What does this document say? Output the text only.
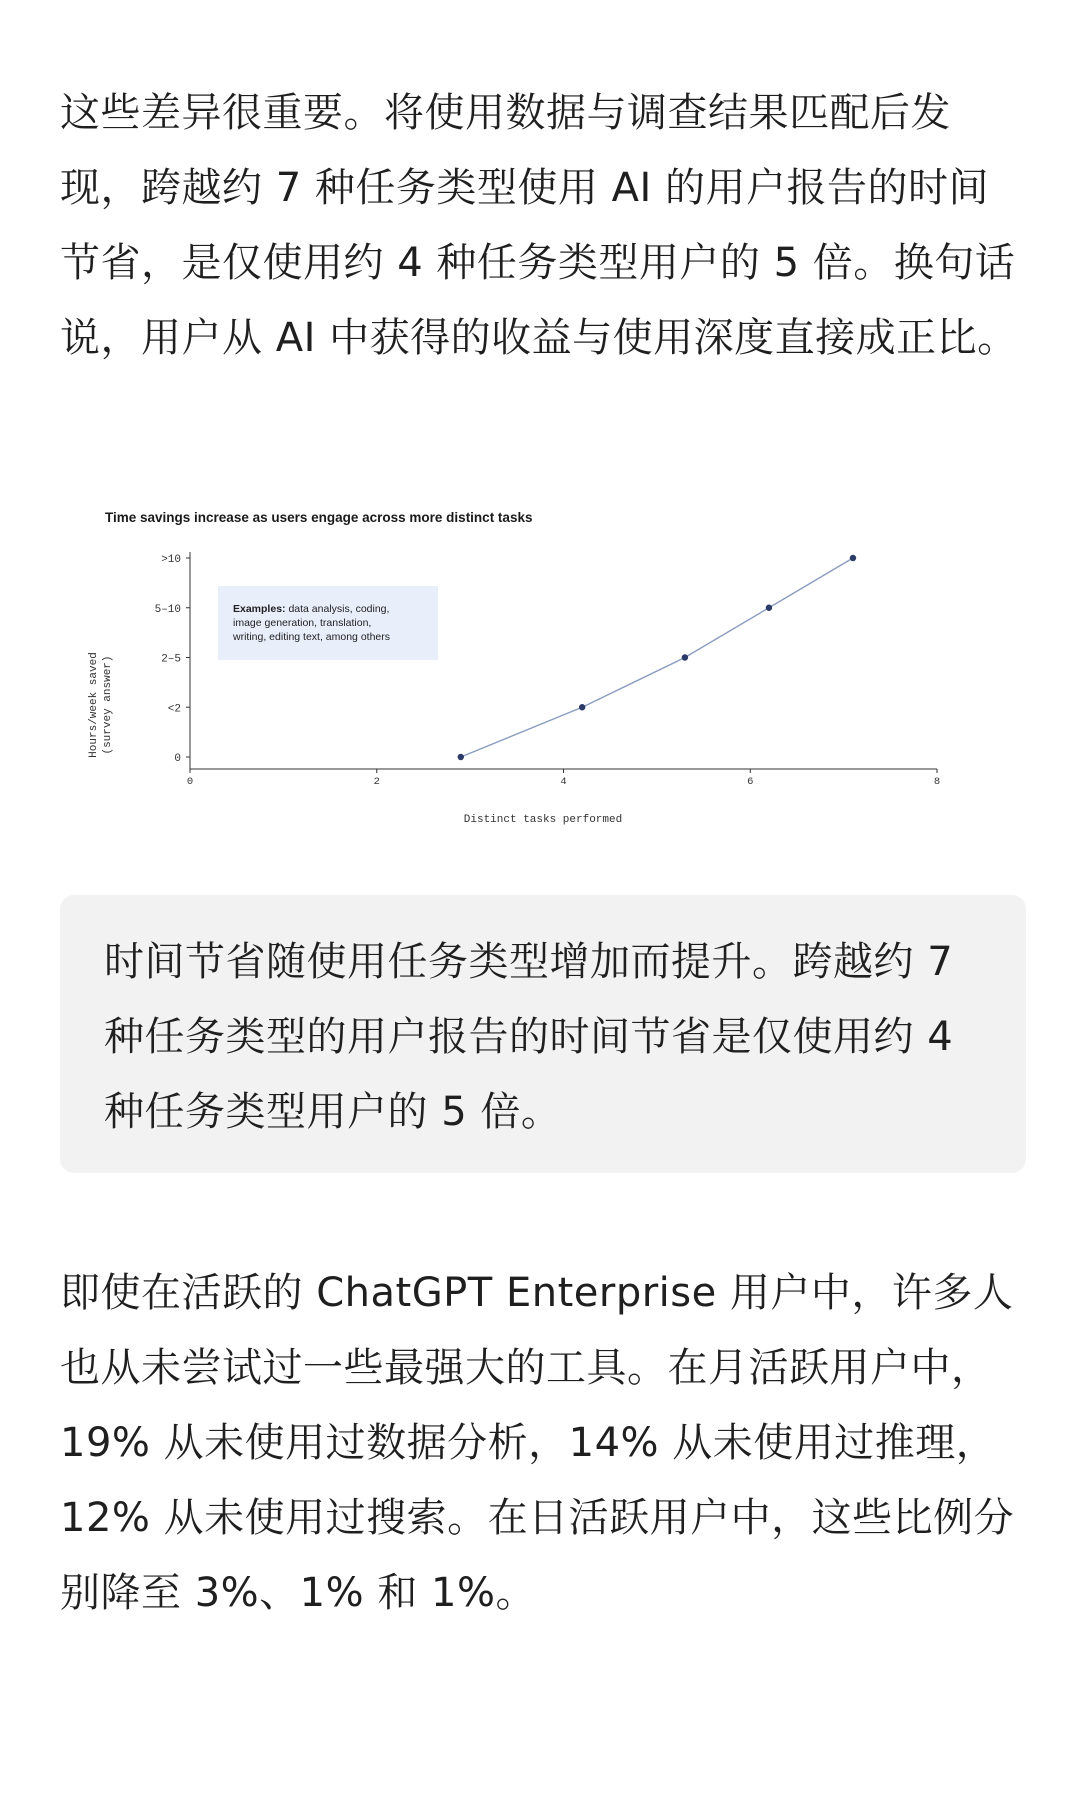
这些差异很重要。将使用数据与调查结果匹配后发现，跨越约 7 种任务类型使用 AI 的用户报告的时间节省，是仅使用约 4 种任务类型用户的 5 倍。换句话说，用户从 AI 中获得的收益与使用深度直接成正比。
Time savings increase as users engage across more distinct tasks
Examples: data analysis, coding, image generation, translation, writing, editing text, among others
0
<2
2–5
5–10
>10
0	2	4	6	8
Hours/week saved (survey answer)
Distinct tasks performed
时间节省随使用任务类型增加而提升。跨越约 7 种任务类型的用户报告的时间节省是仅使用约 4 种任务类型用户的 5 倍。
即使在活跃的 ChatGPT Enterprise 用户中，许多人也从未尝试过一些最强大的工具。在月活跃用户中，19% 从未使用过数据分析，14% 从未使用过推理，12% 从未使用过搜索。在日活跃用户中，这些比例分别降至 3%、1% 和 1%。
